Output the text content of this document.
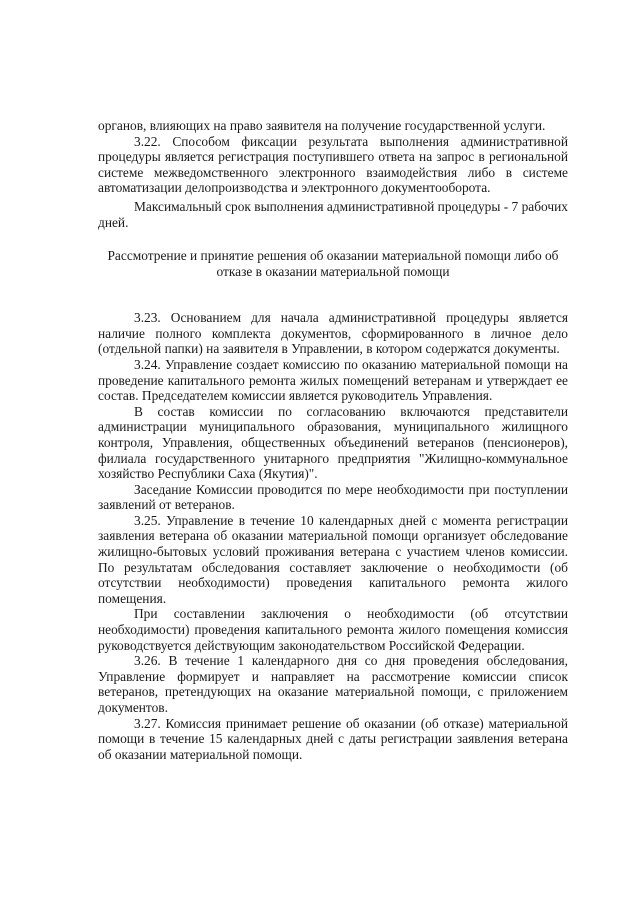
органов, влияющих на право заявителя на получение государственной услуги.

3.22. Способом фиксации результата выполнения административной процедуры является регистрация поступившего ответа на запрос в региональной системе межведомственного электронного взаимодействия либо в системе автоматизации делопроизводства и электронного документооборота.

Максимальный срок выполнения административной процедуры - 7 рабочих дней.

Рассмотрение и принятие решения об оказании материальной помощи либо об отказе в оказании материальной помощи

3.23. Основанием для начала административной процедуры является наличие полного комплекта документов, сформированного в личное дело (отдельной папки) на заявителя в Управлении, в котором содержатся документы.

3.24. Управление создает комиссию по оказанию материальной помощи на проведение капитального ремонта жилых помещений ветеранам и утверждает ее состав. Председателем комиссии является руководитель Управления.

В состав комиссии по согласованию включаются представители администрации муниципального образования, муниципального жилищного контроля, Управления, общественных объединений ветеранов (пенсионеров), филиала государственного унитарного предприятия "Жилищно-коммунальное хозяйство Республики Саха (Якутия)".

Заседание Комиссии проводится по мере необходимости при поступлении заявлений от ветеранов.

3.25. Управление в течение 10 календарных дней с момента регистрации заявления ветерана об оказании материальной помощи организует обследование жилищно-бытовых условий проживания ветерана с участием членов комиссии. По результатам обследования составляет заключение о необходимости (об отсутствии необходимости) проведения капитального ремонта жилого помещения.

При составлении заключения о необходимости (об отсутствии необходимости) проведения капитального ремонта жилого помещения комиссия руководствуется действующим законодательством Российской Федерации.

3.26. В течение 1 календарного дня со дня проведения обследования, Управление формирует и направляет на рассмотрение комиссии список ветеранов, претендующих на оказание материальной помощи, с приложением документов.

3.27. Комиссия принимает решение об оказании (об отказе) материальной помощи в течение 15 календарных дней с даты регистрации заявления ветерана об оказании материальной помощи.
